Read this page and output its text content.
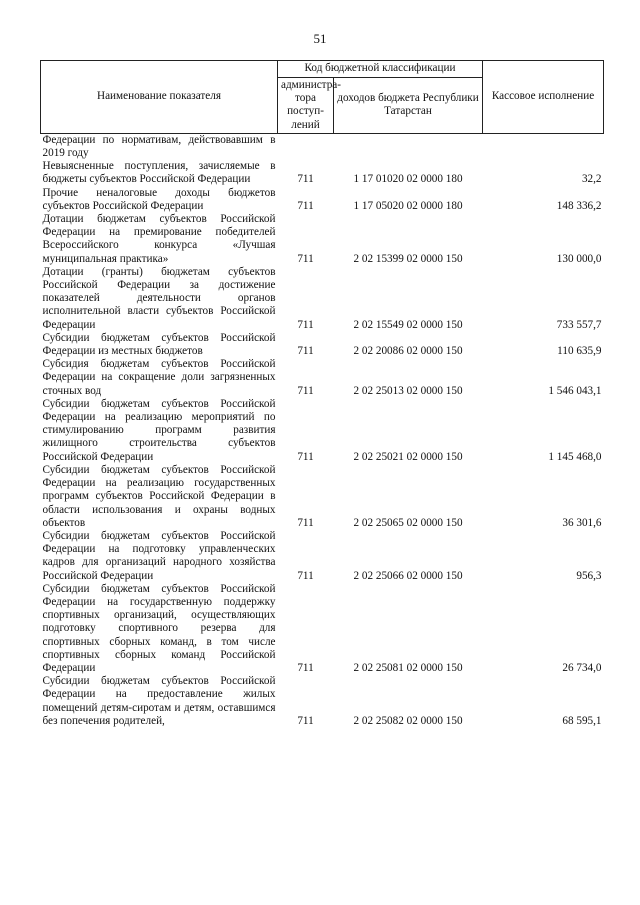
51
Наименование показателя	Код бюджетной классификации		Кассовое исполнение
	администра-тора поступ-лений	доходов бюджета Республики Татарстан	
Федерации по нормативам, действовавшим в 2019 году			
Невыясненные поступления, зачисляемые в бюджеты субъектов Российской Федерации	711	1 17 01020 02 0000 180	32,2
Прочие неналоговые доходы бюджетов субъектов Российской Федерации	711	1 17 05020 02 0000 180	148 336,2
Дотации бюджетам субъектов Российской Федерации на премирование победителей Всероссийского конкурса «Лучшая муниципальная практика»	711	2 02 15399 02 0000 150	130 000,0
Дотации (гранты) бюджетам субъектов Российской Федерации за достижение показателей деятельности органов исполнительной власти субъектов Российской Федерации	711	2 02 15549 02 0000 150	733 557,7
Субсидии бюджетам субъектов Российской Федерации из местных бюджетов	711	2 02 20086 02 0000 150	110 635,9
Субсидия бюджетам субъектов Российской Федерации на сокращение доли загрязненных сточных вод	711	2 02 25013 02 0000 150	1 546 043,1
Субсидии бюджетам субъектов Российской Федерации на реализацию мероприятий по стимулированию программ развития жилищного строительства субъектов Российской Федерации	711	2 02 25021 02 0000 150	1 145 468,0
Субсидии бюджетам субъектов Российской Федерации на реализацию государственных программ субъектов Российской Федерации в области использования и охраны водных объектов	711	2 02 25065 02 0000 150	36 301,6
Субсидии бюджетам субъектов Российской Федерации на подготовку управленческих кадров для организаций народного хозяйства Российской Федерации	711	2 02 25066 02 0000 150	956,3
Субсидии бюджетам субъектов Российской Федерации на государственную поддержку спортивных организаций, осуществляющих подготовку спортивного резерва для спортивных сборных команд, в том числе спортивных сборных команд Российской Федерации	711	2 02 25081 02 0000 150	26 734,0
Субсидии бюджетам субъектов Российской Федерации на предоставление жилых помещений детям-сиротам и детям, оставшимся без попечения родителей,	711	2 02 25082 02 0000 150	68 595,1
